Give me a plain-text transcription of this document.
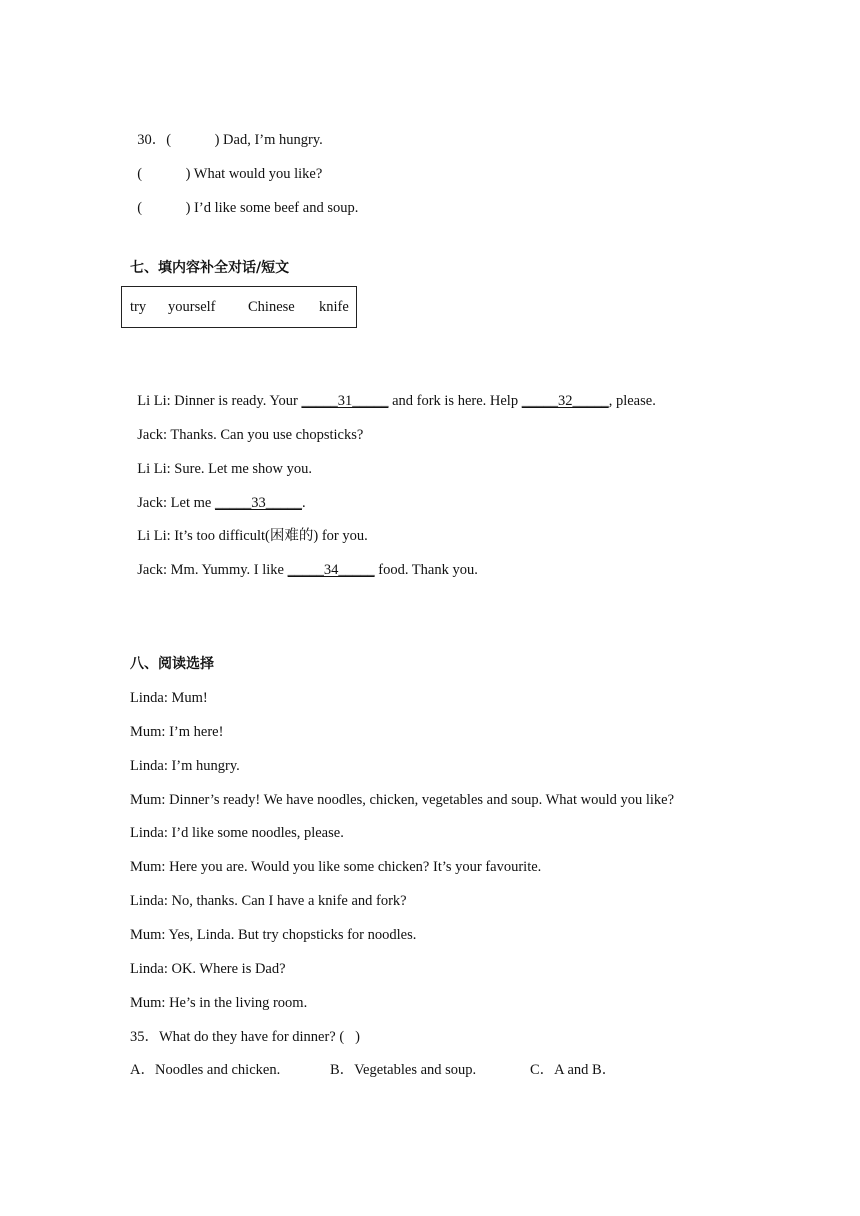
30．(            ) Dad, I’m hungry.

(            ) What would you like?

(            ) I’d like some beef and soup.

七、填内容补全对话/短文
try	yourself	Chinese	knife

Li Li: Dinner is ready. Your _____31_____ and fork is here. Help _____32_____, please.

Jack: Thanks. Can you use chopsticks?

Li Li: Sure. Let me show you.

Jack: Let me _____33_____.

Li Li: It’s too difficult(困难的) for you.

Jack: Mm. Yummy. I like _____34_____ food. Thank you.

八、阅读选择
Linda: Mum!
Mum: I’m here!
Linda: I’m hungry.
Mum: Dinner’s ready! We have noodles, chicken, vegetables and soup. What would you like?
Linda: I’d like some noodles, please.
Mum: Here you are. Would you like some chicken? It’s your favourite.
Linda: No, thanks. Can I have a knife and fork?
Mum: Yes, Linda. But try chopsticks for noodles.
Linda: OK. Where is Dad?
Mum: He’s in the living room.
35．What do they have for dinner? (   )
A．Noodles and chicken.	B．Vegetables and soup.	C．A and B．
